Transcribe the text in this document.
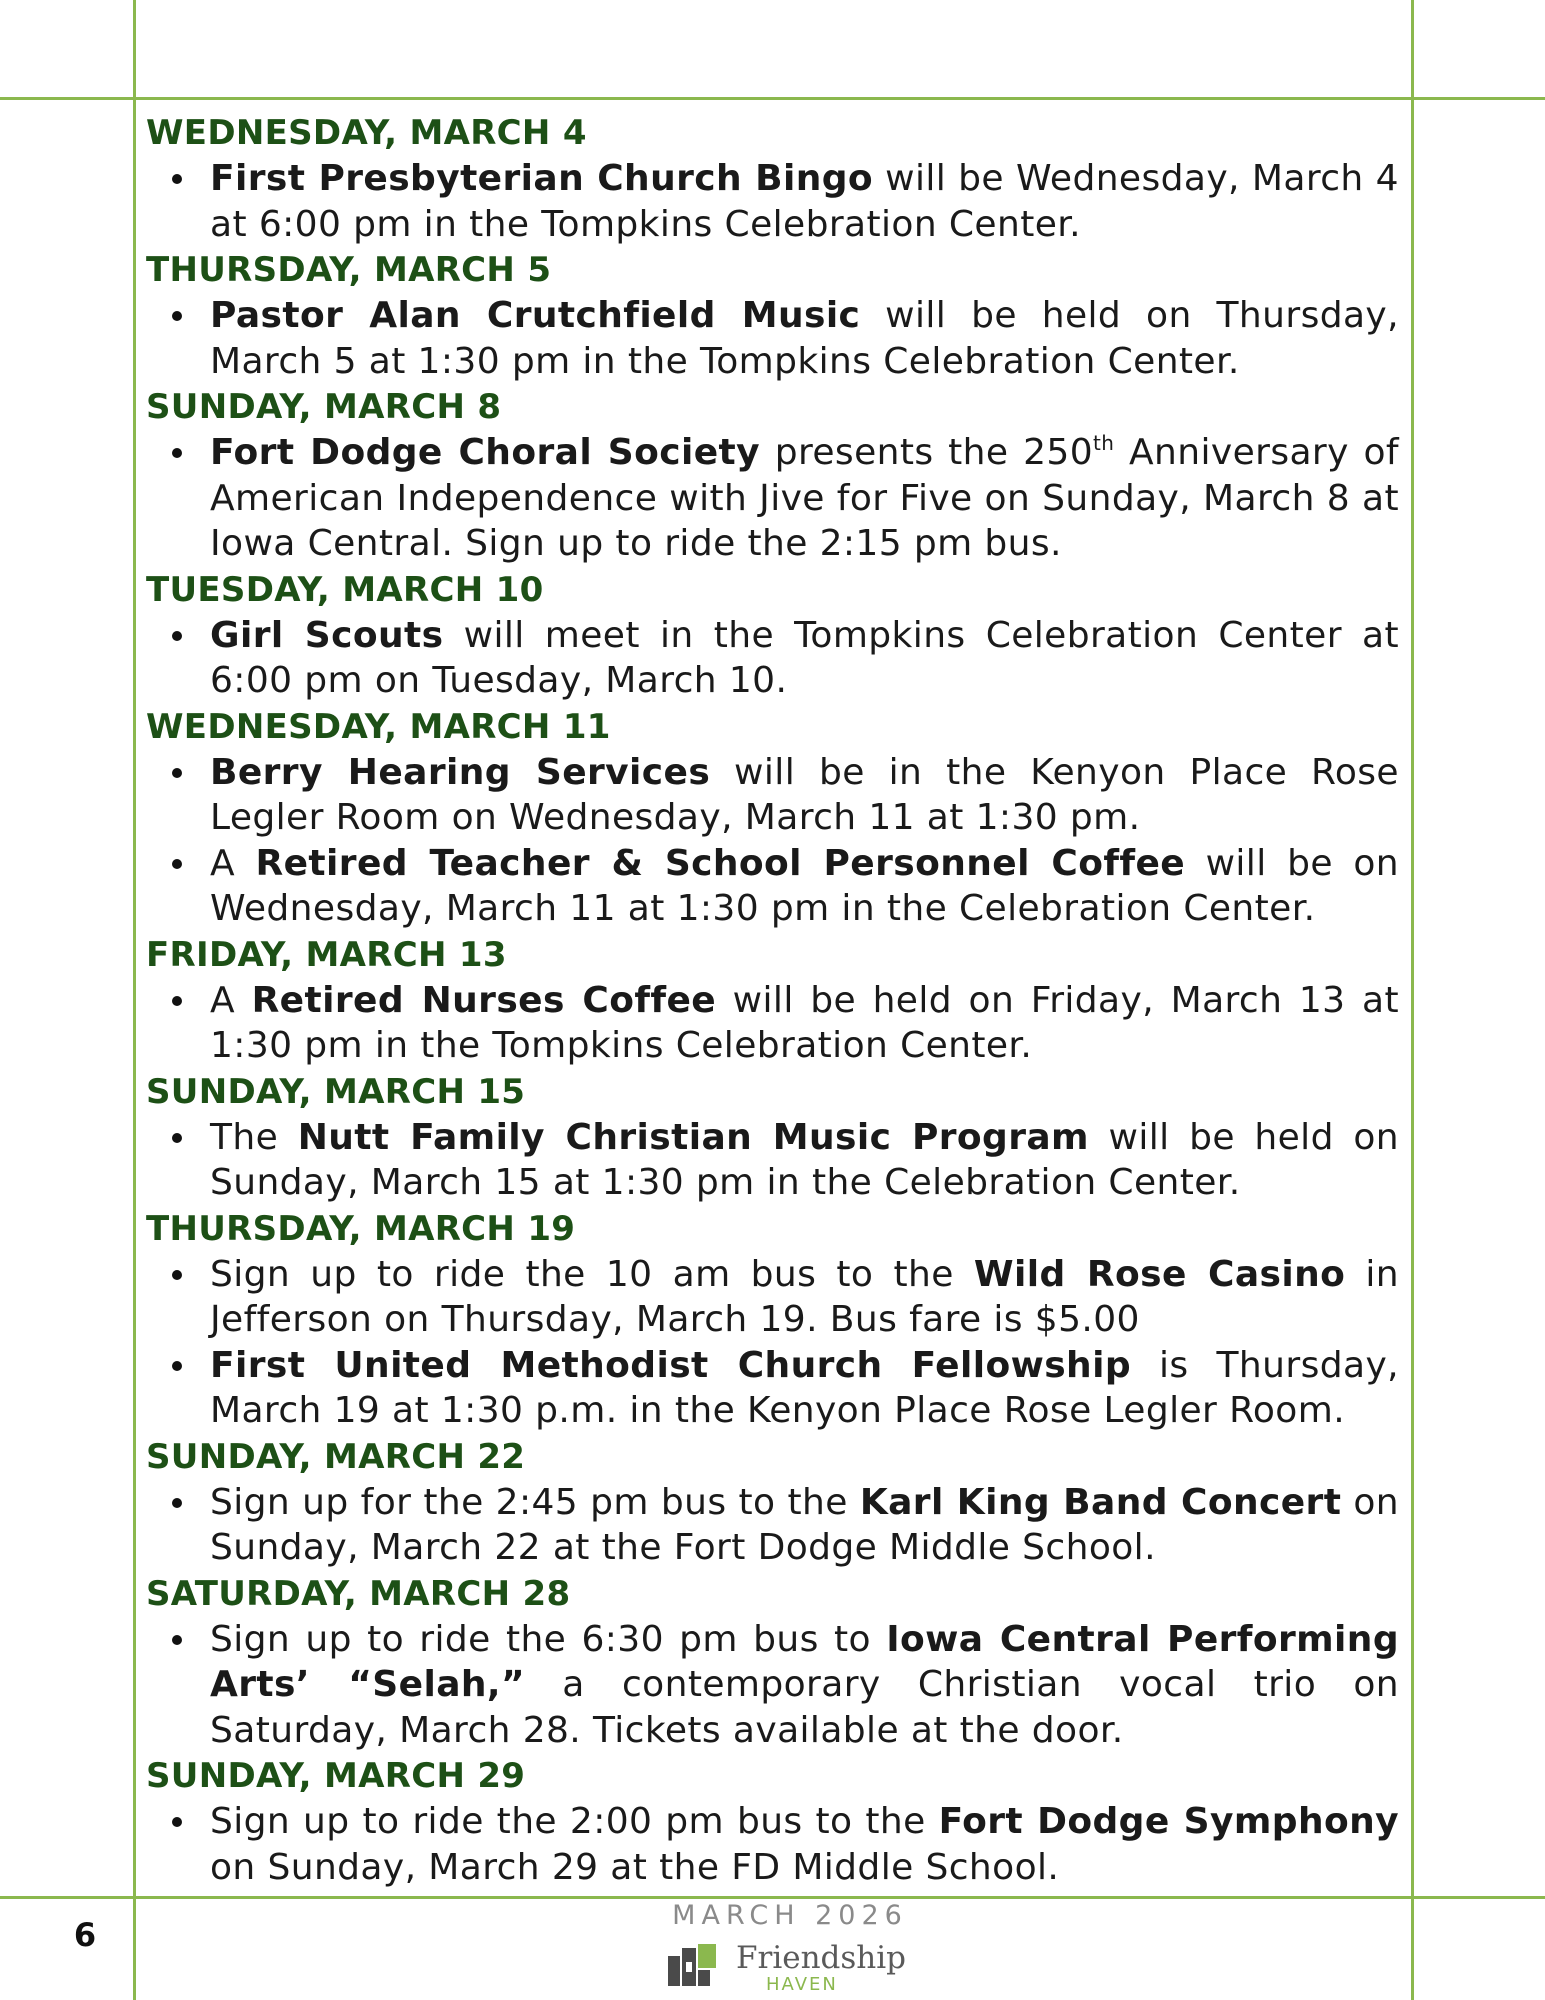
WEDNESDAY, MARCH 4
First Presbyterian Church Bingo will be Wednesday, March 4 at 6:00 pm in the Tompkins Celebration Center.
THURSDAY, MARCH 5
Pastor Alan Crutchfield Music will be held on Thursday, March 5 at 1:30 pm in the Tompkins Celebration Center.
SUNDAY, MARCH 8
Fort Dodge Choral Society presents the 250th Anniversary of American Independence with Jive for Five on Sunday, March 8 at Iowa Central. Sign up to ride the 2:15 pm bus.
TUESDAY, MARCH 10
Girl Scouts will meet in the Tompkins Celebration Center at 6:00 pm on Tuesday, March 10.
WEDNESDAY, MARCH 11
Berry Hearing Services will be in the Kenyon Place Rose Legler Room on Wednesday, March 11 at 1:30 pm.
A Retired Teacher & School Personnel Coffee will be on Wednesday, March 11 at 1:30 pm in the Celebration Center.
FRIDAY, MARCH 13
A Retired Nurses Coffee will be held on Friday, March 13 at 1:30 pm in the Tompkins Celebration Center.
SUNDAY, MARCH 15
The Nutt Family Christian Music Program will be held on Sunday, March 15 at 1:30 pm in the Celebration Center.
THURSDAY, MARCH 19
Sign up to ride the 10 am bus to the Wild Rose Casino in Jefferson on Thursday, March 19. Bus fare is $5.00
First United Methodist Church Fellowship is Thursday, March 19 at 1:30 p.m. in the Kenyon Place Rose Legler Room.
SUNDAY, MARCH 22
Sign up for the 2:45 pm bus to the Karl King Band Concert on Sunday, March 22 at the Fort Dodge Middle School.
SATURDAY, MARCH 28
Sign up to ride the 6:30 pm bus to Iowa Central Performing Arts’ “Selah,” a contemporary Christian vocal trio on Saturday, March 28. Tickets available at the door.
SUNDAY, MARCH 29
Sign up to ride the 2:00 pm bus to the Fort Dodge Symphony on Sunday, March 29 at the FD Middle School.
6
MARCH 2026
Friendship
HAVEN
